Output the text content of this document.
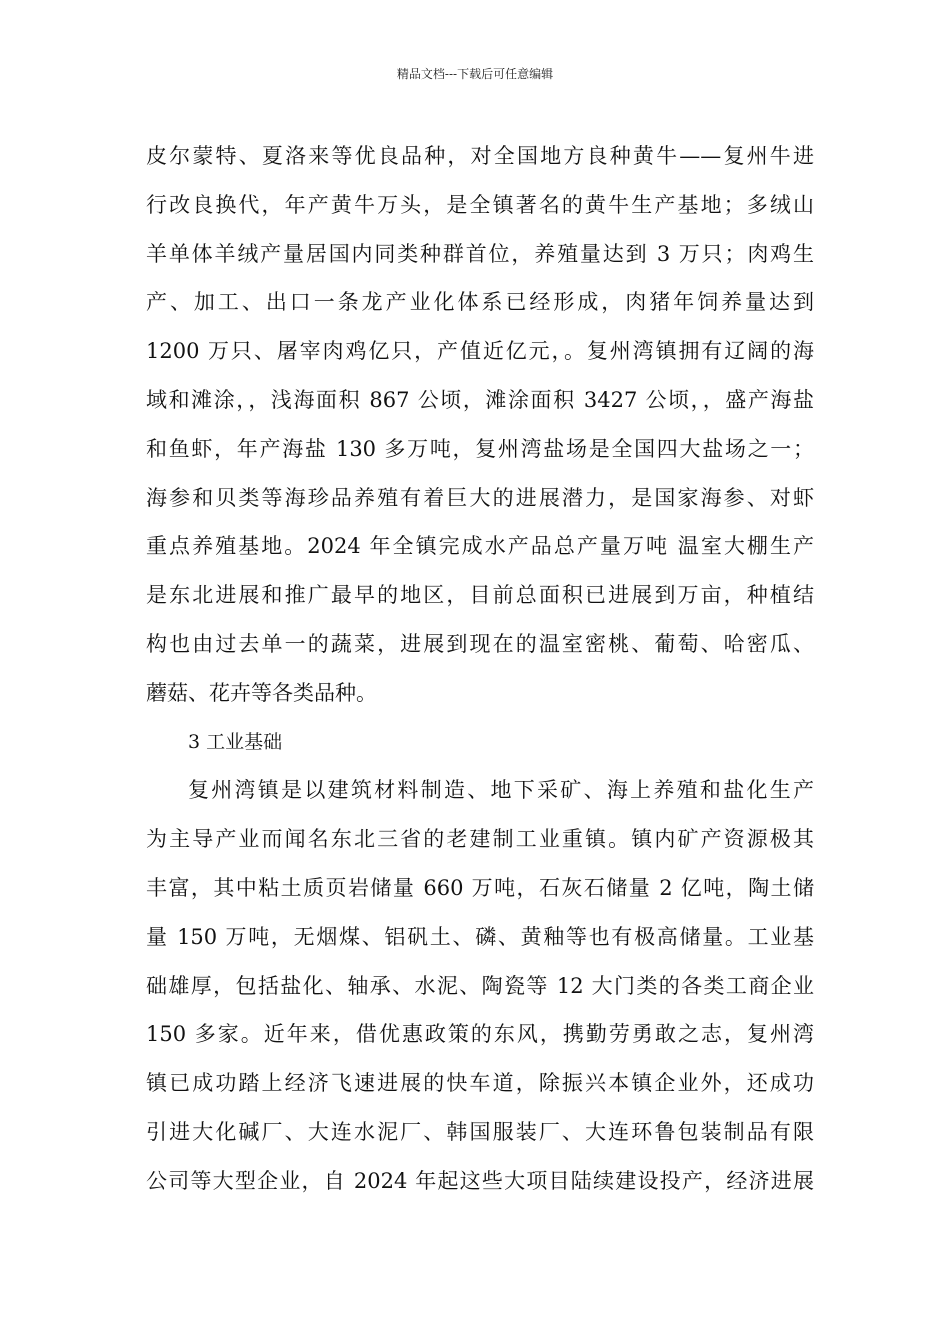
精品文档---下载后可任意编辑
皮尔蒙特、夏洛来等优良品种，对全国地方良种黄牛——复州牛进
行改良换代，年产黄牛万头，是全镇著名的黄牛生产基地；多绒山
羊单体羊绒产量居国内同类种群首位，养殖量达到 3 万只；肉鸡生
产、加工、出口一条龙产业化体系已经形成，肉猪年饲养量达到
1200 万只、屠宰肉鸡亿只，产值近亿元，。复州湾镇拥有辽阔的海
域和滩涂，，浅海面积 867 公顷，滩涂面积 3427 公顷，，盛产海盐
和鱼虾，年产海盐 130 多万吨，复州湾盐场是全国四大盐场之一；
海参和贝类等海珍品养殖有着巨大的进展潜力，是国家海参、对虾
重点养殖基地。2024 年全镇完成水产品总产量万吨 温室大棚生产
是东北进展和推广最早的地区，目前总面积已进展到万亩，种植结
构也由过去单一的蔬菜，进展到现在的温室密桃、葡萄、哈密瓜、
蘑菇、花卉等各类品种。
3 工业基础
复州湾镇是以建筑材料制造、地下采矿、海上养殖和盐化生产
为主导产业而闻名东北三省的老建制工业重镇。镇内矿产资源极其
丰富，其中粘土质页岩储量 660 万吨，石灰石储量 2 亿吨，陶土储
量 150 万吨，无烟煤、铝矾土、磷、黄釉等也有极高储量。工业基
础雄厚，包括盐化、轴承、水泥、陶瓷等 12 大门类的各类工商企业
150 多家。近年来，借优惠政策的东风，携勤劳勇敢之志，复州湾
镇已成功踏上经济飞速进展的快车道，除振兴本镇企业外，还成功
引进大化碱厂、大连水泥厂、韩国服装厂、大连环鲁包装制品有限
公司等大型企业，自 2024 年起这些大项目陆续建设投产，经济进展
